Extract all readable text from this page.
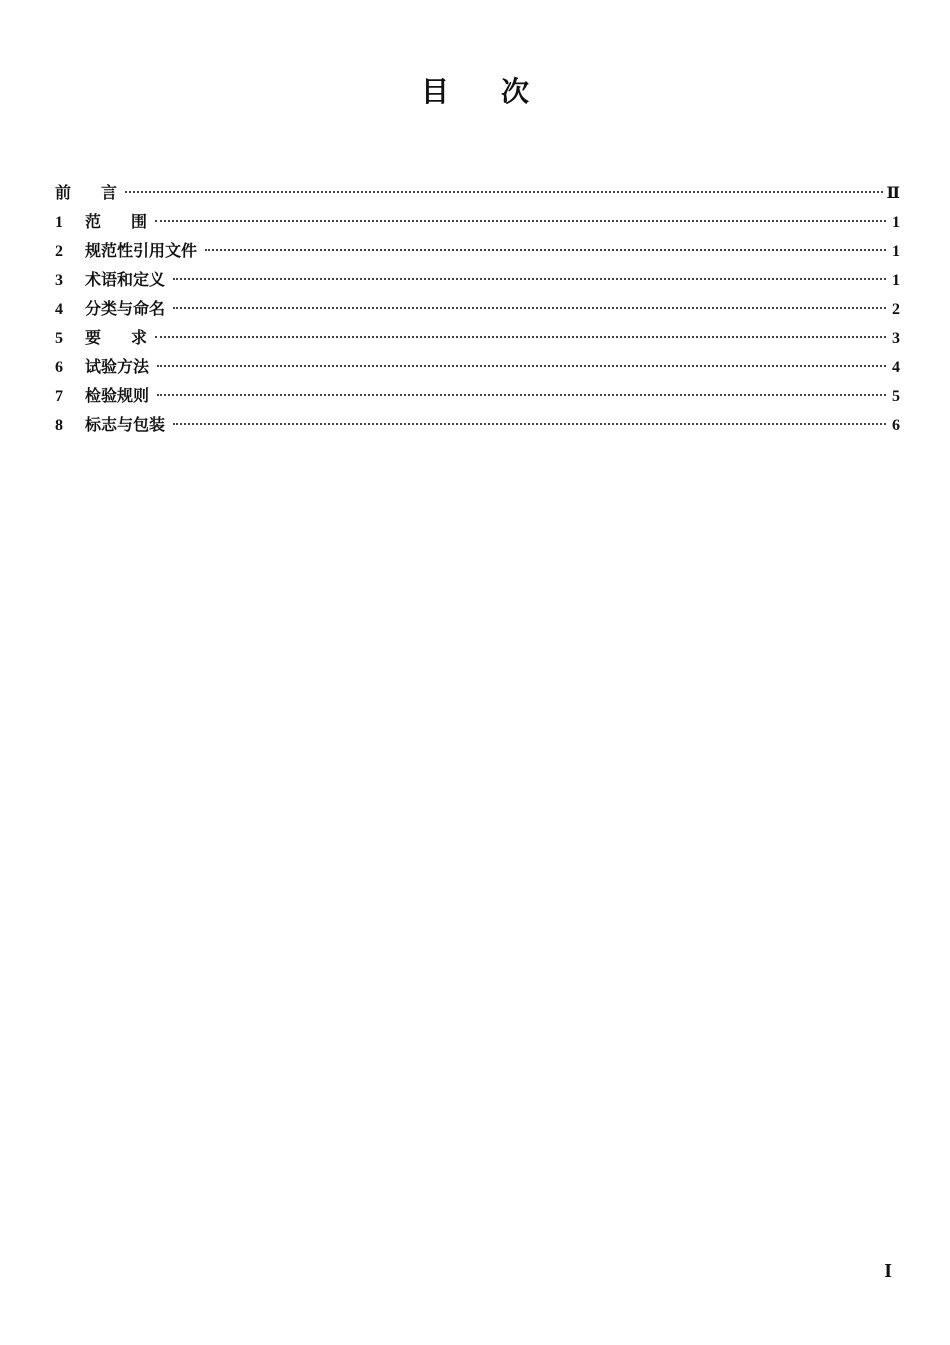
目 次
前 言	Ⅱ
1	范 围	1
2	规范性引用文件	1
3	术语和定义	1
4	分类与命名	2
5	要 求	3
6	试验方法	4
7	检验规则	5
8	标志与包装	6
I
